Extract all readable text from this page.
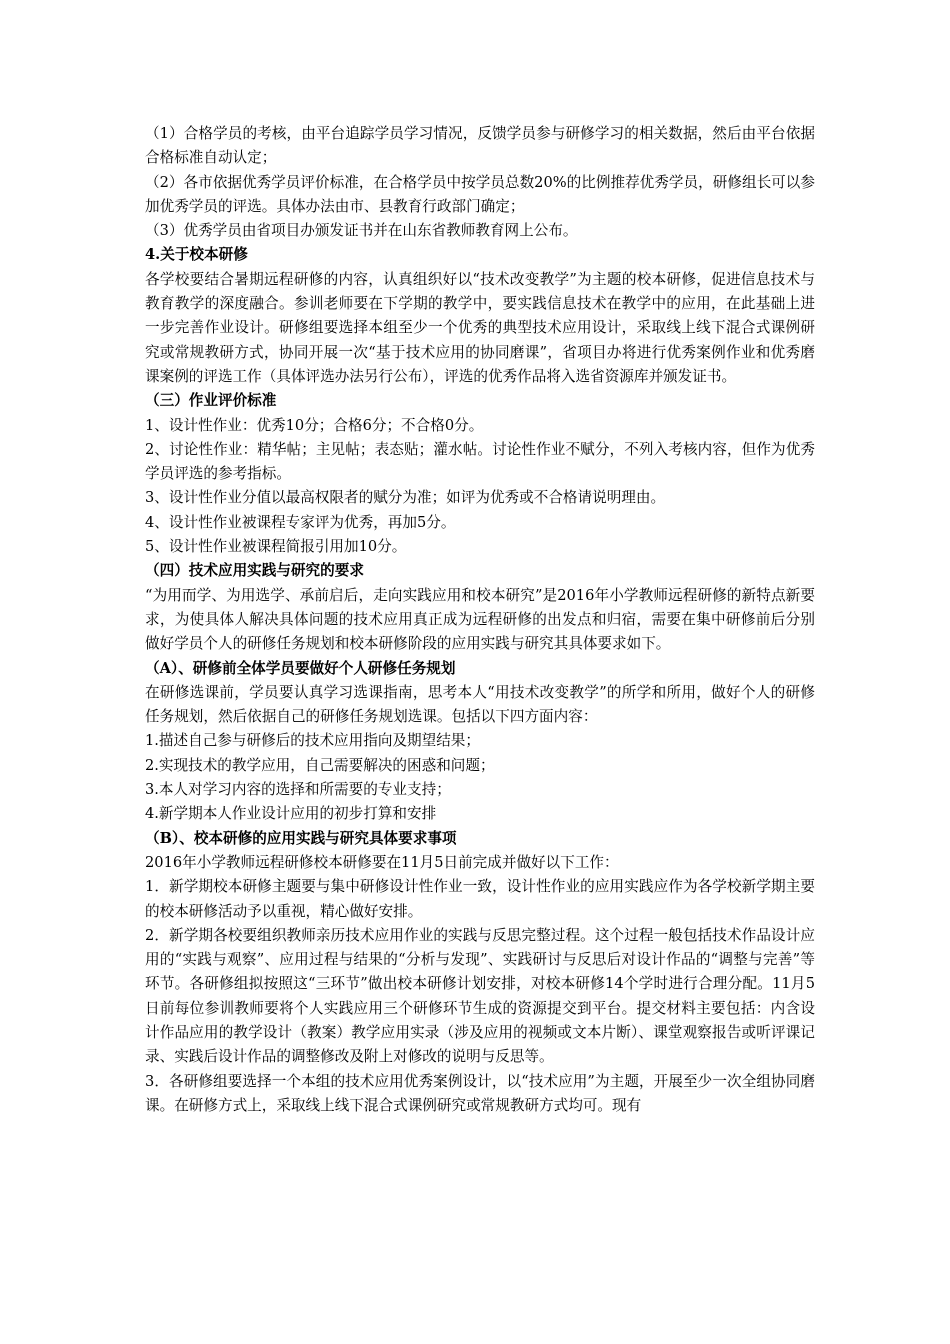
（1）合格学员的考核，由平台追踪学员学习情况，反馈学员参与研修学习的相关数据，然后由平台依据合格标准自动认定；

（2）各市依据优秀学员评价标准，在合格学员中按学员总数20%的比例推荐优秀学员，研修组长可以参加优秀学员的评选。具体办法由市、县教育行政部门确定；

（3）优秀学员由省项目办颁发证书并在山东省教师教育网上公布。

4.关于校本研修

各学校要结合暑期远程研修的内容，认真组织好以“技术改变教学”为主题的校本研修，促进信息技术与教育教学的深度融合。参训老师要在下学期的教学中，要实践信息技术在教学中的应用，在此基础上进一步完善作业设计。研修组要选择本组至少一个优秀的典型技术应用设计，采取线上线下混合式课例研究或常规教研方式，协同开展一次“基于技术应用的协同磨课”，省项目办将进行优秀案例作业和优秀磨课案例的评选工作（具体评选办法另行公布），评选的优秀作品将入选省资源库并颁发证书。

（三）作业评价标准

1、设计性作业：优秀10分；合格6分；不合格0分。

2、讨论性作业：精华帖；主见帖；表态贴；灌水帖。讨论性作业不赋分，不列入考核内容，但作为优秀学员评选的参考指标。

3、设计性作业分值以最高权限者的赋分为准；如评为优秀或不合格请说明理由。

4、设计性作业被课程专家评为优秀，再加5分。

5、设计性作业被课程简报引用加10分。

（四）技术应用实践与研究的要求

“为用而学、为用选学、承前启后，走向实践应用和校本研究”是2016年小学教师远程研修的新特点新要求，为使具体人解决具体问题的技术应用真正成为远程研修的出发点和归宿，需要在集中研修前后分别做好学员个人的研修任务规划和校本研修阶段的应用实践与研究其具体要求如下。

（A）、研修前全体学员要做好个人研修任务规划

在研修选课前，学员要认真学习选课指南，思考本人“用技术改变教学”的所学和所用，做好个人的研修任务规划，然后依据自己的研修任务规划选课。包括以下四方面内容：

1.描述自己参与研修后的技术应用指向及期望结果；

2.实现技术的教学应用，自己需要解决的困惑和问题；

3.本人对学习内容的选择和所需要的专业支持；

4.新学期本人作业设计应用的初步打算和安排

（B）、校本研修的应用实践与研究具体要求事项

2016年小学教师远程研修校本研修要在11月5日前完成并做好以下工作：

1．新学期校本研修主题要与集中研修设计性作业一致，设计性作业的应用实践应作为各学校新学期主要的校本研修活动予以重视，精心做好安排。

2．新学期各校要组织教师亲历技术应用作业的实践与反思完整过程。这个过程一般包括技术作品设计应用的“实践与观察”、应用过程与结果的“分析与发现”、实践研讨与反思后对设计作品的“调整与完善”等环节。各研修组拟按照这“三环节”做出校本研修计划安排，对校本研修14个学时进行合理分配。11月5日前每位参训教师要将个人实践应用三个研修环节生成的资源提交到平台。提交材料主要包括：内含设计作品应用的教学设计（教案）教学应用实录（涉及应用的视频或文本片断）、课堂观察报告或听评课记录、实践后设计作品的调整修改及附上对修改的说明与反思等。

3．各研修组要选择一个本组的技术应用优秀案例设计，以“技术应用”为主题，开展至少一次全组协同磨课。在研修方式上，采取线上线下混合式课例研究或常规教研方式均可。现有
